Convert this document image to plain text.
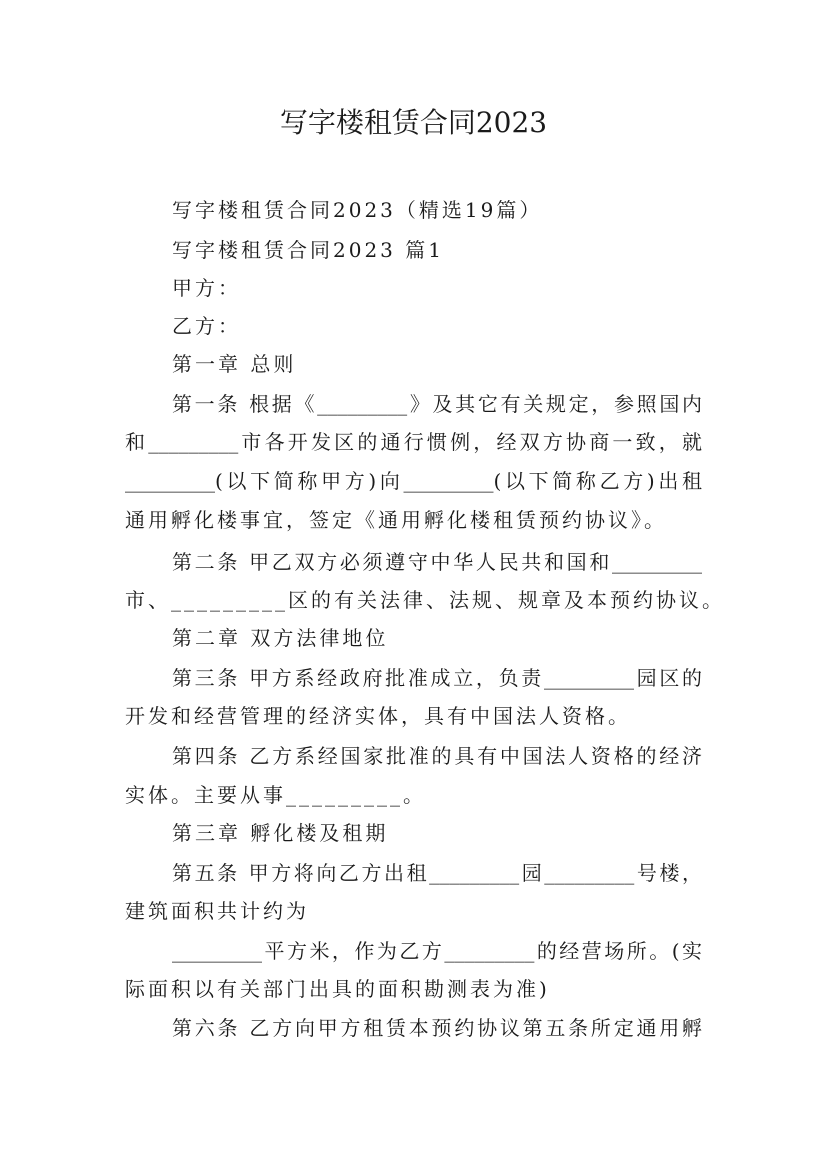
写字楼租赁合同2023
写字楼租赁合同2023（精选19篇）
写字楼租赁合同2023 篇1
甲方：
乙方：
第一章 总则
第一条 根据《_________》及其它有关规定，参照国内
和_________市各开发区的通行惯例，经双方协商一致，就
_________(以下简称甲方)向_________(以下简称乙方)出租
通用孵化楼事宜，签定《通用孵化楼租赁预约协议》。
第二条 甲乙双方必须遵守中华人民共和国和_________
市、_________区的有关法律、法规、规章及本预约协议。
第二章 双方法律地位
第三条 甲方系经政府批准成立，负责_________园区的
开发和经营管理的经济实体，具有中国法人资格。
第四条 乙方系经国家批准的具有中国法人资格的经济
实体。主要从事_________。
第三章 孵化楼及租期
第五条 甲方将向乙方出租_________园_________号楼，
建筑面积共计约为
_________平方米，作为乙方_________的经营场所。(实
际面积以有关部门出具的面积勘测表为准)
第六条 乙方向甲方租赁本预约协议第五条所定通用孵
